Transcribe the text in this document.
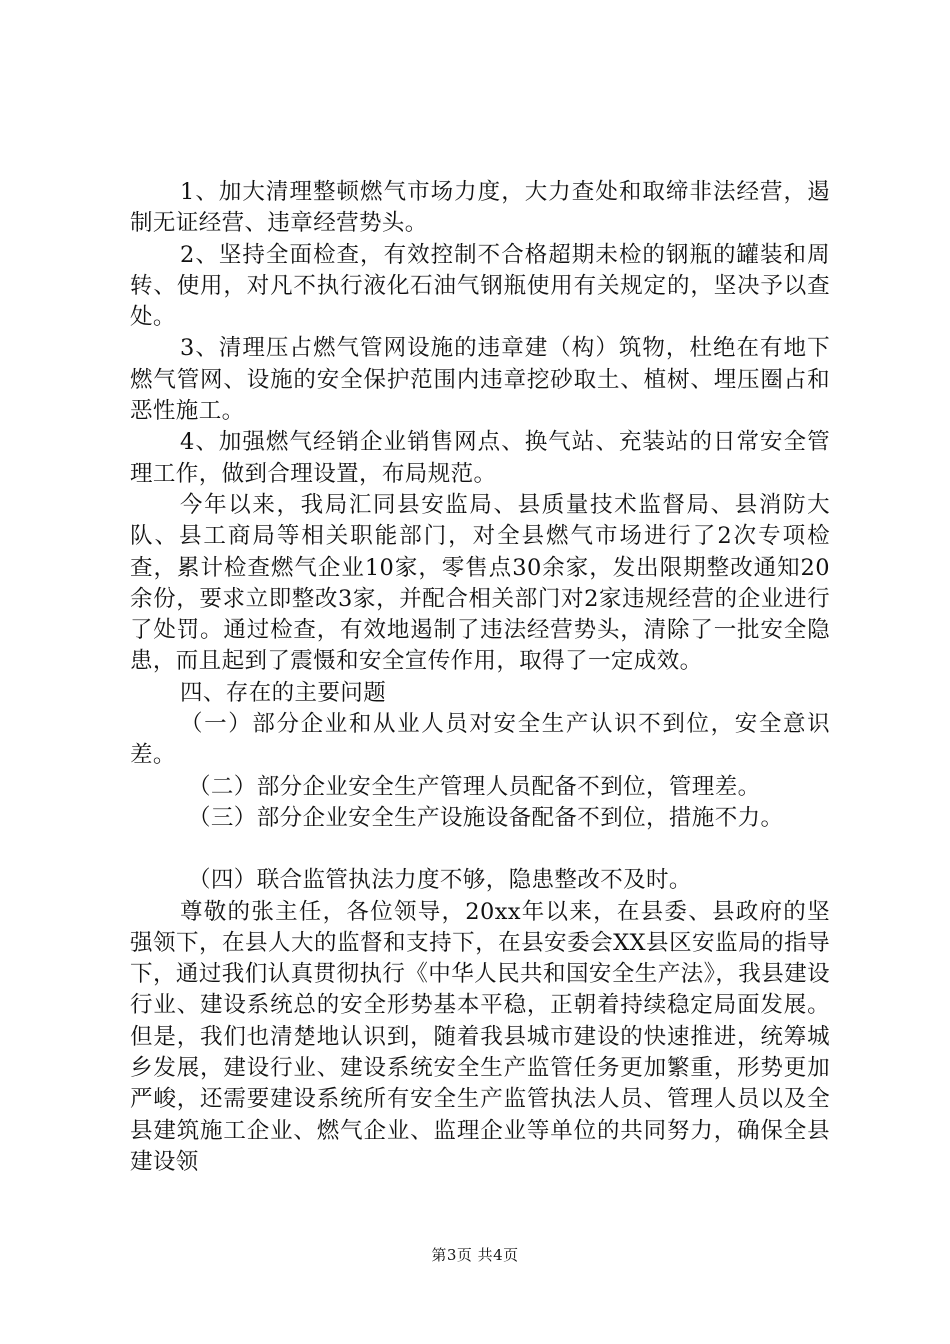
1、加大清理整顿燃气市场力度，大力查处和取缔非法经营，遏制无证经营、违章经营势头。

2、坚持全面检查，有效控制不合格超期未检的钢瓶的罐装和周转、使用，对凡不执行液化石油气钢瓶使用有关规定的，坚决予以查处。

3、清理压占燃气管网设施的违章建（构）筑物，杜绝在有地下燃气管网、设施的安全保护范围内违章挖砂取土、植树、埋压圈占和恶性施工。

4、加强燃气经销企业销售网点、换气站、充装站的日常安全管理工作，做到合理设置，布局规范。

今年以来，我局汇同县安监局、县质量技术监督局、县消防大队、县工商局等相关职能部门，对全县燃气市场进行了2次专项检查，累计检查燃气企业10家，零售点30余家，发出限期整改通知20余份，要求立即整改3家，并配合相关部门对2家违规经营的企业进行了处罚。通过检查，有效地遏制了违法经营势头，清除了一批安全隐患，而且起到了震慑和安全宣传作用，取得了一定成效。

四、存在的主要问题

（一）部分企业和从业人员对安全生产认识不到位，安全意识差。

（二）部分企业安全生产管理人员配备不到位，管理差。

（三）部分企业安全生产设施设备配备不到位，措施不力。

（四）联合监管执法力度不够，隐患整改不及时。

尊敬的张主任，各位领导，20xx年以来，在县委、县政府的坚强领下，在县人大的监督和支持下，在县安委会XX县区安监局的指导下，通过我们认真贯彻执行《中华人民共和国安全生产法》，我县建设行业、建设系统总的安全形势基本平稳，正朝着持续稳定局面发展。但是，我们也清楚地认识到，随着我县城市建设的快速推进，统筹城乡发展，建设行业、建设系统安全生产监管任务更加繁重，形势更加严峻，还需要建设系统所有安全生产监管执法人员、管理人员以及全县建筑施工企业、燃气企业、监理企业等单位的共同努力，确保全县建设领

第3页 共4页
